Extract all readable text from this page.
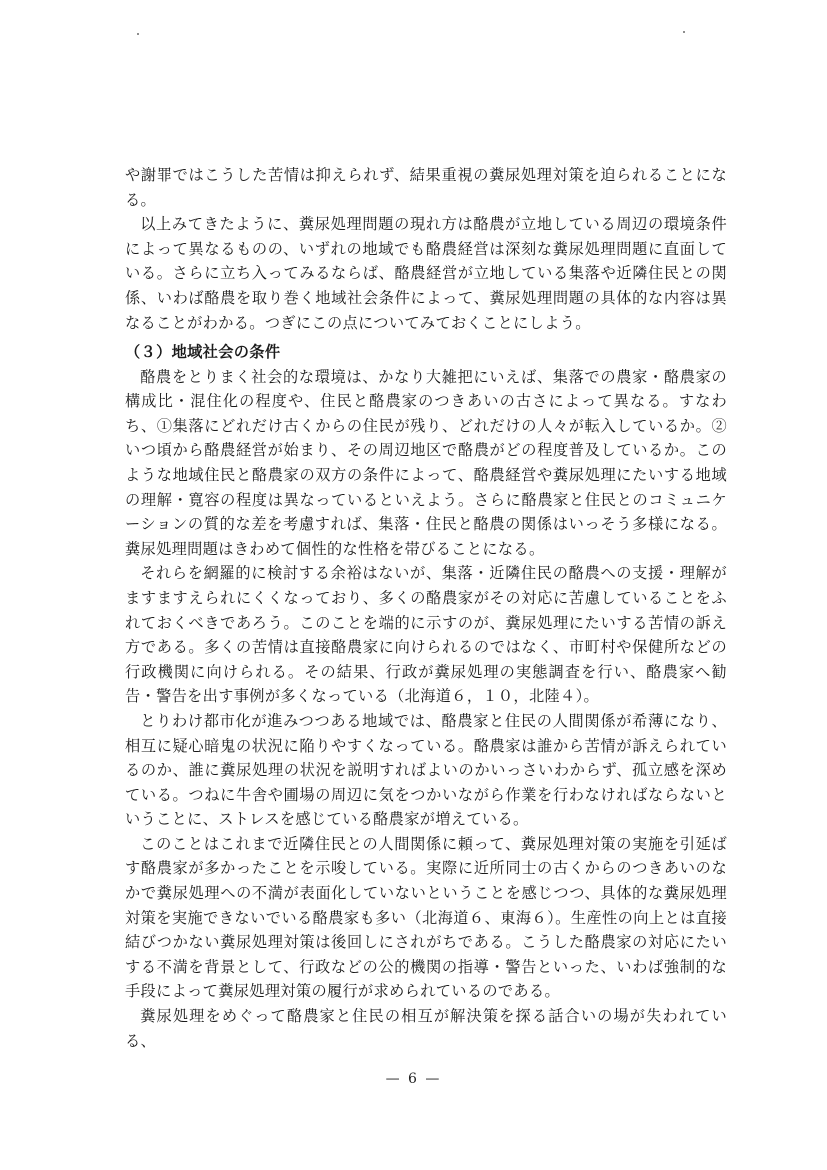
や謝罪ではこうした苦情は抑えられず、結果重視の糞尿処理対策を迫られることになる。

以上みてきたように、糞尿処理問題の現れ方は酪農が立地している周辺の環境条件によって異なるものの、いずれの地域でも酪農経営は深刻な糞尿処理問題に直面している。さらに立ち入ってみるならば、酪農経営が立地している集落や近隣住民との関係、いわば酪農を取り巻く地域社会条件によって、糞尿処理問題の具体的な内容は異なることがわかる。つぎにこの点についてみておくことにしよう。

（３）地域社会の条件

酪農をとりまく社会的な環境は、かなり大雑把にいえば、集落での農家・酪農家の構成比・混住化の程度や、住民と酪農家のつきあいの古さによって異なる。すなわち、①集落にどれだけ古くからの住民が残り、どれだけの人々が転入しているか。②いつ頃から酪農経営が始まり、その周辺地区で酪農がどの程度普及しているか。このような地域住民と酪農家の双方の条件によって、酪農経営や糞尿処理にたいする地域の理解・寛容の程度は異なっているといえよう。さらに酪農家と住民とのコミュニケーションの質的な差を考慮すれば、集落・住民と酪農の関係はいっそう多様になる。糞尿処理問題はきわめて個性的な性格を帯びることになる。

それらを網羅的に検討する余裕はないが、集落・近隣住民の酪農への支援・理解がますますえられにくくなっており、多くの酪農家がその対応に苦慮していることをふれておくべきであろう。このことを端的に示すのが、糞尿処理にたいする苦情の訴え方である。多くの苦情は直接酪農家に向けられるのではなく、市町村や保健所などの行政機関に向けられる。その結果、行政が糞尿処理の実態調査を行い、酪農家へ勧告・警告を出す事例が多くなっている（北海道６，１０，北陸４）。

とりわけ都市化が進みつつある地域では、酪農家と住民の人間関係が希薄になり、相互に疑心暗鬼の状況に陥りやすくなっている。酪農家は誰から苦情が訴えられているのか、誰に糞尿処理の状況を説明すればよいのかいっさいわからず、孤立感を深めている。つねに牛舎や圃場の周辺に気をつかいながら作業を行わなければならないということに、ストレスを感じている酪農家が増えている。

このことはこれまで近隣住民との人間関係に頼って、糞尿処理対策の実施を引延ばす酪農家が多かったことを示唆している。実際に近所同士の古くからのつきあいのなかで糞尿処理への不満が表面化していないということを感じつつ、具体的な糞尿処理対策を実施できないでいる酪農家も多い（北海道６、東海６）。生産性の向上とは直接結びつかない糞尿処理対策は後回しにされがちである。こうした酪農家の対応にたいする不満を背景として、行政などの公的機関の指導・警告といった、いわば強制的な手段によって糞尿処理対策の履行が求められているのである。

糞尿処理をめぐって酪農家と住民の相互が解決策を探る話合いの場が失われている、

— 6 —
